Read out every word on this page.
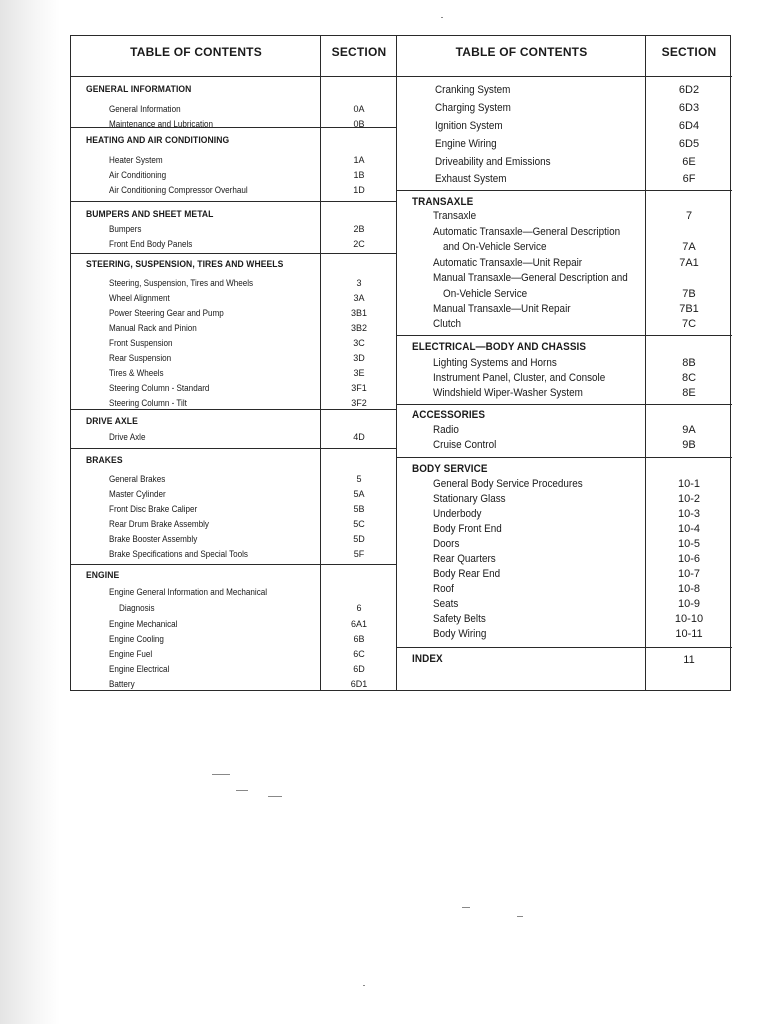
TABLE OF CONTENTS	SECTION	TABLE OF CONTENTS	SECTION
GENERAL INFORMATION
General Information	0A
Maintenance and Lubrication	0B
HEATING AND AIR CONDITIONING
Heater System	1A
Air Conditioning	1B
Air Conditioning Compressor Overhaul	1D
BUMPERS AND SHEET METAL
Bumpers	2B
Front End Body Panels	2C
STEERING, SUSPENSION, TIRES AND WHEELS
Steering, Suspension, Tires and Wheels	3
Wheel Alignment	3A
Power Steering Gear and Pump	3B1
Manual Rack and Pinion	3B2
Front Suspension	3C
Rear Suspension	3D
Tires & Wheels	3E
Steering Column - Standard	3F1
Steering Column - Tilt	3F2
DRIVE AXLE
Drive Axle	4D
BRAKES
General Brakes	5
Master Cylinder	5A
Front Disc Brake Caliper	5B
Rear Drum Brake Assembly	5C
Brake Booster Assembly	5D
Brake Specifications and Special Tools	5F
ENGINE
Engine General Information and Mechanical
Diagnosis	6
Engine Mechanical	6A1
Engine Cooling	6B
Engine Fuel	6C
Engine Electrical	6D
Battery	6D1
Cranking System	6D2
Charging System	6D3
Ignition System	6D4
Engine Wiring	6D5
Driveability and Emissions	6E
Exhaust System	6F
TRANSAXLE
Transaxle	7
Automatic Transaxle—General Description
and On-Vehicle Service	7A
Automatic Transaxle—Unit Repair	7A1
Manual Transaxle—General Description and
On-Vehicle Service	7B
Manual Transaxle—Unit Repair	7B1
Clutch	7C
ELECTRICAL—BODY AND CHASSIS
Lighting Systems and Horns	8B
Instrument Panel, Cluster, and Console	8C
Windshield Wiper-Washer System	8E
ACCESSORIES
Radio	9A
Cruise Control	9B
BODY SERVICE
General Body Service Procedures	10-1
Stationary Glass	10-2
Underbody	10-3
Body Front End	10-4
Doors	10-5
Rear Quarters	10-6
Body Rear End	10-7
Roof	10-8
Seats	10-9
Safety Belts	10-10
Body Wiring	10-11
INDEX	11
